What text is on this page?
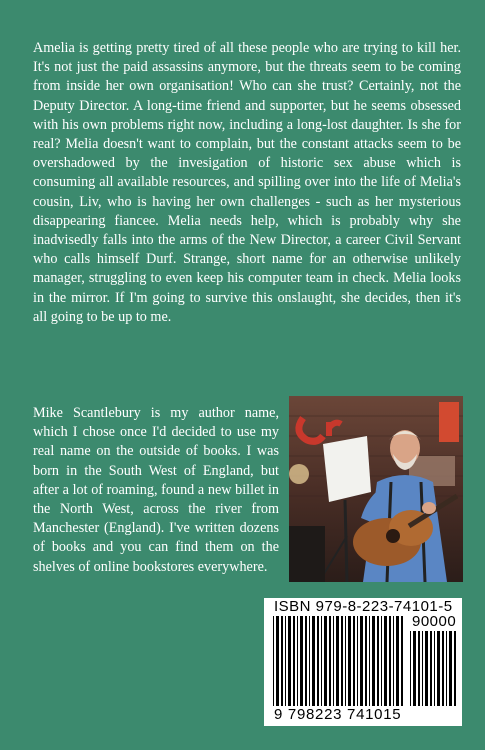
Amelia is getting pretty tired of all these people who are trying to kill her. It's not just the paid assassins anymore, but the threats seem to be coming from inside her own organisation! Who can she trust? Certainly, not the Deputy Director. A long-time friend and supporter, but he seems obsessed with his own problems right now, including a long-lost daughter. Is she for real? Melia doesn't want to complain, but the constant attacks seem to be overshadowed by the invesigation of historic sex abuse which is consuming all available resources, and spilling over into the life of Melia's cousin, Liv, who is having her own challenges - such as her mysterious disappearing fiancee. Melia needs help, which is probably why she inadvisedly falls into the arms of the New Director, a career Civil Servant who calls himself Durf. Strange, short name for an otherwise unlikely manager, struggling to even keep his computer team in check. Melia looks in the mirror. If I'm going to survive this onslaught, she decides, then it's all going to be up to me.

Mike Scantlebury is my author name, which I chose once I'd decided to use my real name on the outside of books. I was born in the South West of England, but after a lot of roaming, found a new billet in the North West, across the river from Manchester (England). I've written dozens of books and you can find them on the shelves of online bookstores everywhere.

ISBN 979-8-223-74101-5
90000
9 798223 741015
